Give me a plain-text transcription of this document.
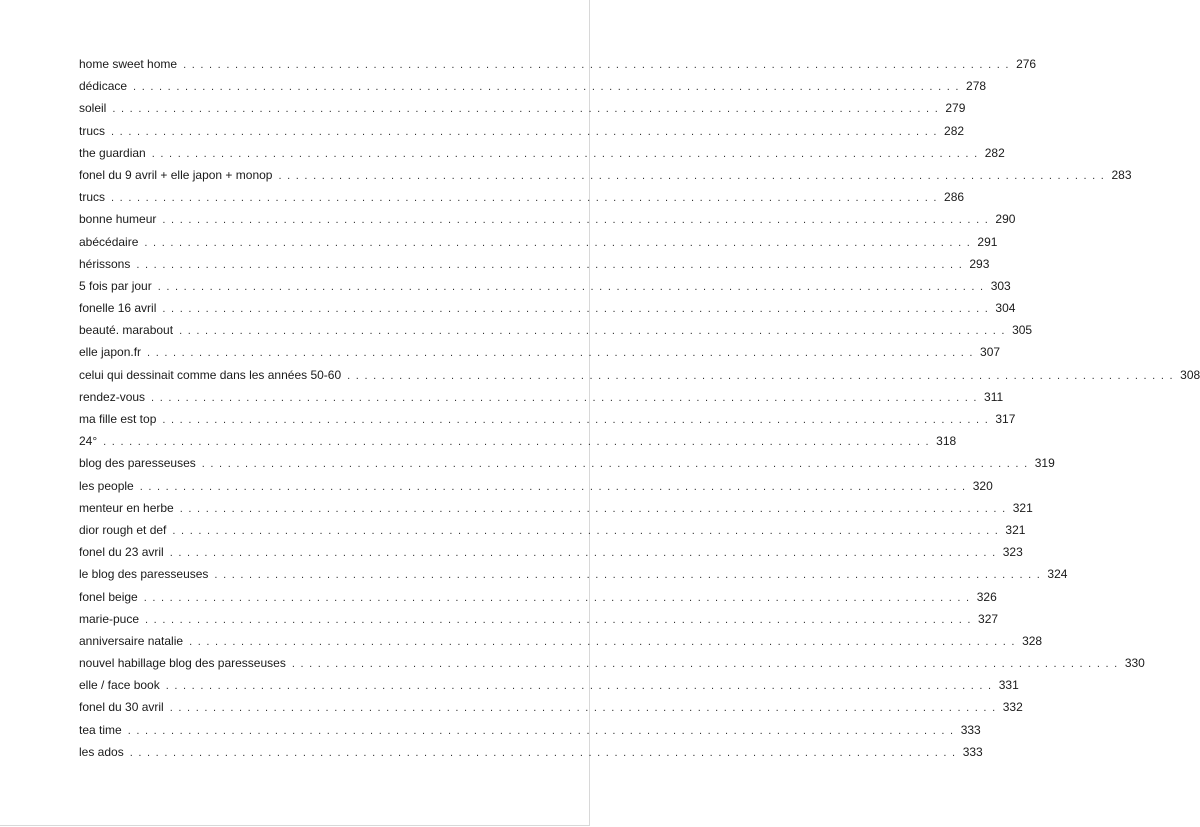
home sweet home ................................................................................................ 276
dédicace ................................................................................................ 278
soleil ................................................................................................ 279
trucs ................................................................................................ 282
the guardian ................................................................................................ 282
fonel du 9 avril + elle japon + monop ................................................................................................ 283
trucs ................................................................................................ 286
bonne humeur ................................................................................................ 290
abécédaire ................................................................................................ 291
hérissons ................................................................................................ 293
5 fois par jour ................................................................................................ 303
fonelle 16 avril ................................................................................................ 304
beauté. marabout ................................................................................................ 305
elle japon.fr ................................................................................................ 307
celui qui dessinait comme dans les années 50-60 ................................................................................................ 308
rendez-vous ................................................................................................ 311
ma fille est top ................................................................................................ 317
24° ................................................................................................ 318
blog des paresseuses ................................................................................................ 319
les people ................................................................................................ 320
menteur en herbe ................................................................................................ 321
dior rough et def ................................................................................................ 321
fonel du 23 avril ................................................................................................ 323
le blog des paresseuses ................................................................................................ 324
fonel beige ................................................................................................ 326
marie-puce ................................................................................................ 327
anniversaire natalie ................................................................................................ 328
nouvel habillage blog des paresseuses ................................................................................................ 330
elle / face book ................................................................................................ 331
fonel du 30 avril ................................................................................................ 332
tea time ................................................................................................ 333
les ados ................................................................................................ 333
